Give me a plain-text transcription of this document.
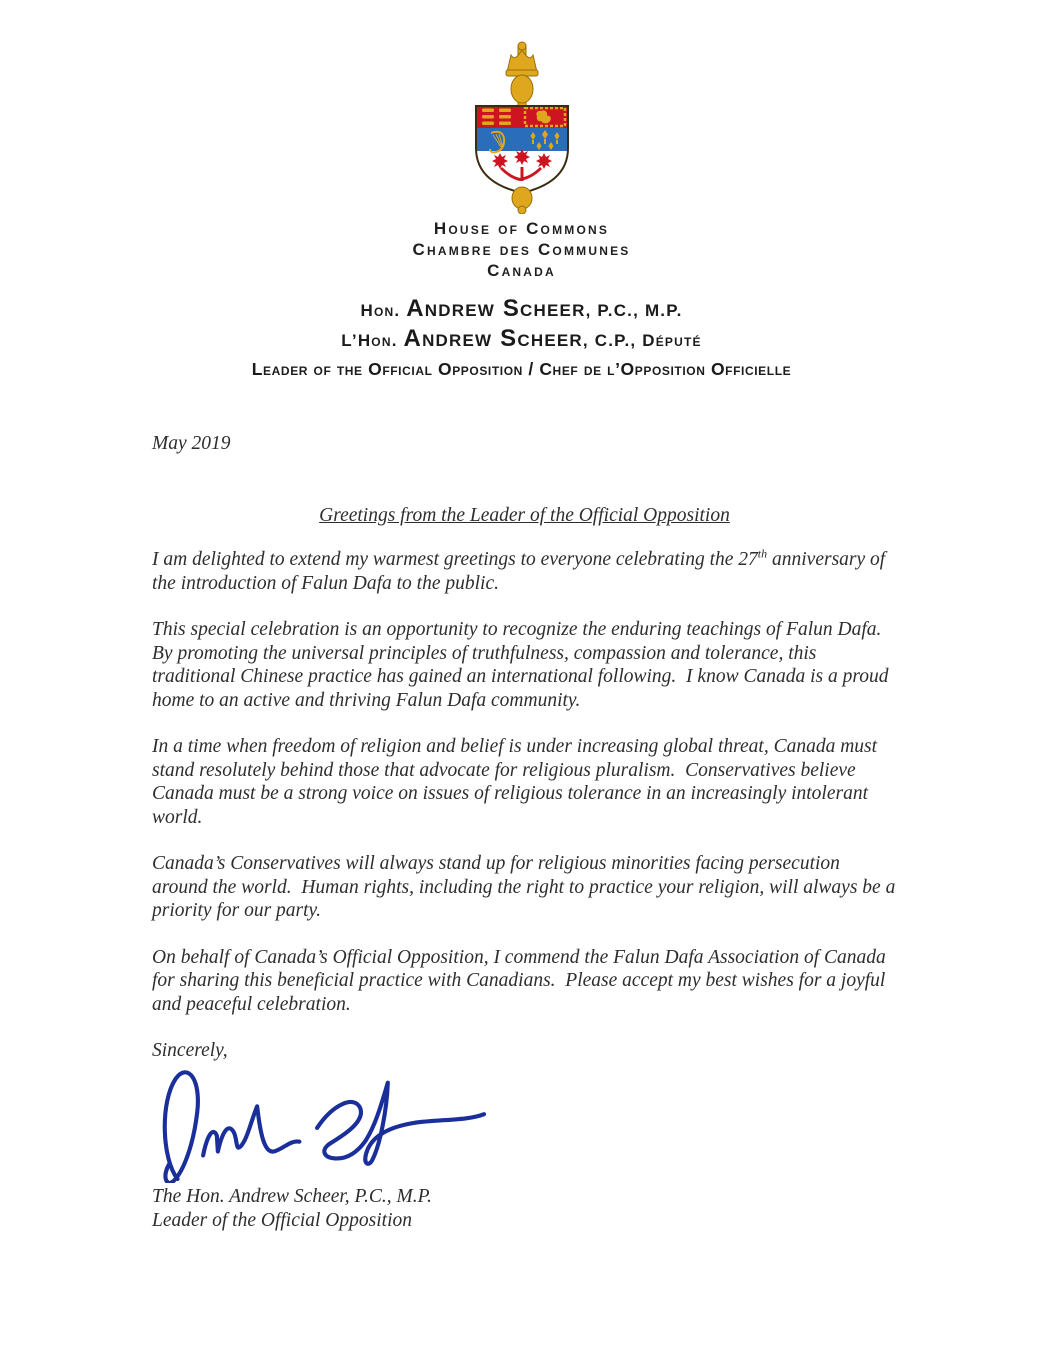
House of Commons
Chambre des Communes
Canada
Hon. Andrew Scheer, P.C., M.P.
L’Hon. Andrew Scheer, C.P., Député
Leader of the Official Opposition / Chef de l’Opposition Officielle

May 2019

Greetings from the Leader of the Official Opposition

I am delighted to extend my warmest greetings to everyone celebrating the 27th anniversary of the introduction of Falun Dafa to the public.

This special celebration is an opportunity to recognize the enduring teachings of Falun Dafa.  By promoting the universal principles of truthfulness, compassion and tolerance, this traditional Chinese practice has gained an international following.  I know Canada is a proud home to an active and thriving Falun Dafa community.

In a time when freedom of religion and belief is under increasing global threat, Canada must stand resolutely behind those that advocate for religious pluralism.  Conservatives believe Canada must be a strong voice on issues of religious tolerance in an increasingly intolerant world.

Canada’s Conservatives will always stand up for religious minorities facing persecution around the world.  Human rights, including the right to practice your religion, will always be a priority for our party.

On behalf of Canada’s Official Opposition, I commend the Falun Dafa Association of Canada for sharing this beneficial practice with Canadians.  Please accept my best wishes for a joyful and peaceful celebration.

Sincerely,

The Hon. Andrew Scheer, P.C., M.P.

Leader of the Official Opposition
